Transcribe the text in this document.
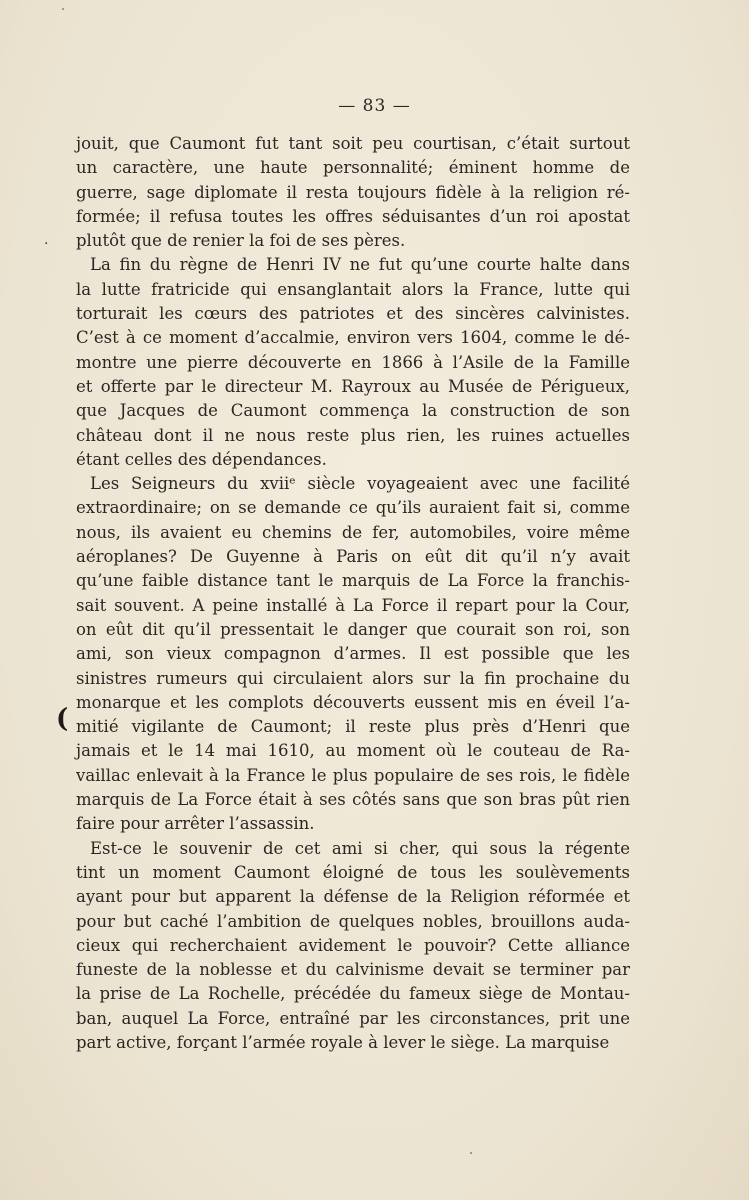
— 83 —
.
(
jouit, que Caumont fut tant soit peu courtisan, c’était surtout
un caractère, une haute personnalité; éminent homme de
guerre, sage diplomate il resta toujours fidèle à la religion ré-
formée; il refusa toutes les offres séduisantes d’un roi apostat
plutôt que de renier la foi de ses pères.
La fin du règne de Henri IV ne fut qu’une courte halte dans
la lutte fratricide qui ensanglantait alors la France, lutte qui
torturait les cœurs des patriotes et des sincères calvinistes.
C’est à ce moment d’accalmie, environ vers 1604, comme le dé-
montre une pierre découverte en 1866 à l’Asile de la Famille
et offerte par le directeur M. Rayroux au Musée de Périgueux,
que Jacques de Caumont commença la construction de son
château dont il ne nous reste plus rien, les ruines actuelles
étant celles des dépendances.
Les Seigneurs du xviiᵉ siècle voyageaient avec une facilité
extraordinaire; on se demande ce qu’ils auraient fait si, comme
nous, ils avaient eu chemins de fer, automobiles, voire même
aéroplanes? De Guyenne à Paris on eût dit qu’il n’y avait
qu’une faible distance tant le marquis de La Force la franchis-
sait souvent. A peine installé à La Force il repart pour la Cour,
on eût dit qu’il pressentait le danger que courait son roi, son
ami, son vieux compagnon d’armes. Il est possible que les
sinistres rumeurs qui circulaient alors sur la fin prochaine du
monarque et les complots découverts eussent mis en éveil l’a-
mitié vigilante de Caumont; il reste plus près d’Henri que
jamais et le 14 mai 1610, au moment où le couteau de Ra-
vaillac enlevait à la France le plus populaire de ses rois, le fidèle
marquis de La Force était à ses côtés sans que son bras pût rien
faire pour arrêter l’assassin.
Est-ce le souvenir de cet ami si cher, qui sous la régente
tint un moment Caumont éloigné de tous les soulèvements
ayant pour but apparent la défense de la Religion réformée et
pour but caché l’ambition de quelques nobles, brouillons auda-
cieux qui recherchaient avidement le pouvoir? Cette alliance
funeste de la noblesse et du calvinisme devait se terminer par
la prise de La Rochelle, précédée du fameux siège de Montau-
ban, auquel La Force, entraîné par les circonstances, prit une
part active, forçant l’armée royale à lever le siège. La marquise
